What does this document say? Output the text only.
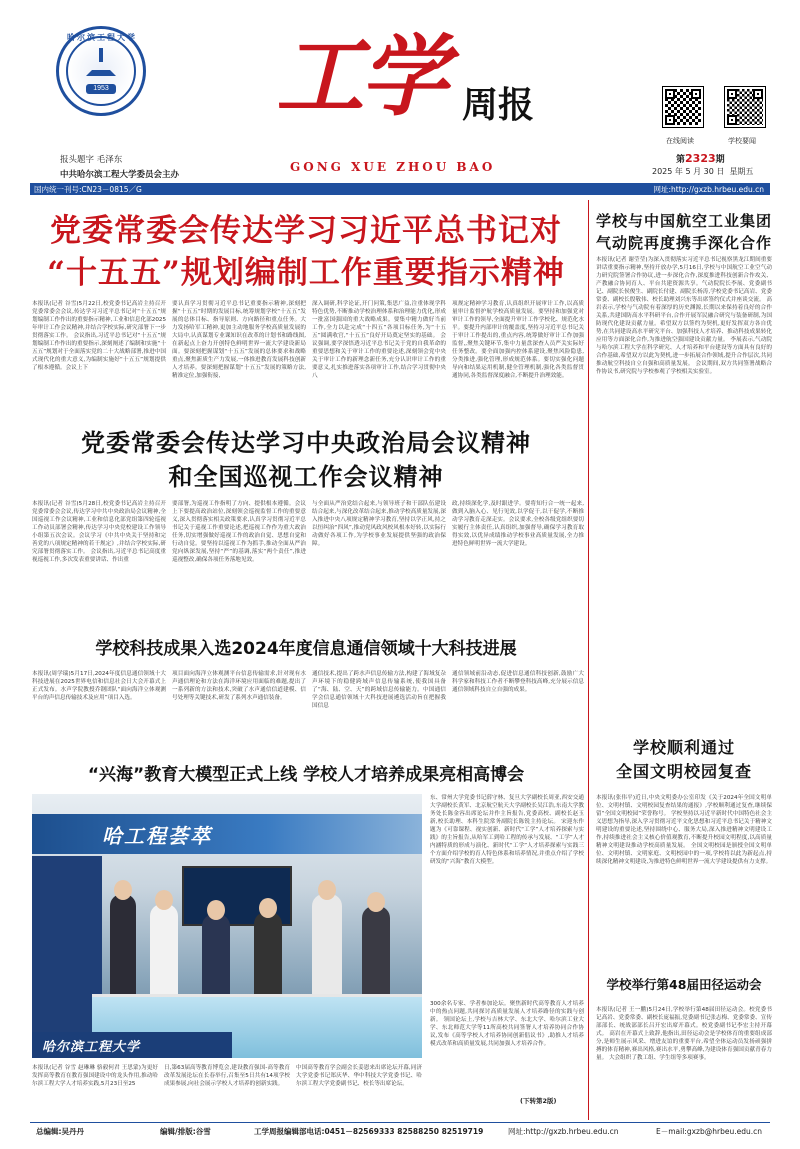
哈尔滨工程大学
1953
报头题字 毛泽东
中共哈尔滨工程大学委员会主办
工学 周报
GONG XUE ZHOU BAO
在线阅读	学校要闻
第2323期
2025 年 5 月 30 日 星期五
国内统一刊号:CN23－0815／G	网址:http://gxzb.hrbeu.edu.cn
学校与中国航空工业集团
气动院再度携手深化合作
本报讯(记者 谢莹莹)为深入贯彻落实习近平总书记视察黑龙江期间重要讲话重要指示精神,坚持开放办学,5月16日,学校与中国航空工业空气动力研究院签署合作协议,进一步深化合作,深度推进科技创新合作攻关、产教融合协同育人、平台共建资源共享。气动院院长李展、党委副书记、副院长侯俊生、副院长付建、副院长杨涛,学校党委书记高岩、党委常委、副校长殷敬伟、校长助理刘兴东等出席签约仪式并座谈交流。 高岩表示,学校与气动院有着深厚的历史渊源,长期以来保持着良好的合作关系,共建国防高水平科研平台,合作开展军民融合研究与装备研制,为国防现代化建设贡献力量。希望双方以签约为契机,更好发挥双方各自优势,在共同建设高水平研究平台、加强科技人才培养、推动科技成果转化应用等方面深化合作,为推进航空强国建设贡献力量。 李展表示,气动院与哈尔滨工程大学在科学研究、人才培养和平台建设等方面具有良好的合作基础,希望双方以此为契机,进一步拓展合作领域,提升合作层次,共同推动航空科技自立自强和高质量发展。 会议期间,双方共同签署战略合作协议书,研究院与学校参观了学校相关实验室。
学校顺利通过
全国文明校园复查
本报讯(张伟平)近日,中央文明委办公室印发《关于2024年全国文明单位、文明村镇、文明校园复查结果的通报》,学校顺利通过复查,继续保留“全国文明校园”荣誉称号。 学校坚持以习近平新时代中国特色社会主义思想为指导,深入学习贯彻习近平文化思想和习近平总书记关于精神文明建设的重要论述,坚持围绕中心、服务大局,深入推进精神文明建设工作,持续推进社会主义核心价值观教育,不断提升校园文明程度,以高质量精神文明建设推动学校高质量发展。 全国文明校园是颁授全国文明单位、文明村镇、文明家庭、文明校园中的一项,学校将以此为新起点,持续深化精神文明建设,为推进特色鲜明世界一流大学建设提供有力支撑。
学校举行第48届田径运动会
本报讯(记者 王一鹏)5月24日,学校举行第48届田径运动会。校党委书记高岩、党委常委、副校长庞福振,党委副书记张志梅、党委常委、宣传部部长、统战部部长吕开宏出席开幕式。校党委副书记李宏主持开幕式。 高岩在开幕式上致辞,他指出,田径运动会是学校体育的重要组成部分,是师生展示风采、增进友谊的重要平台,希望全体运动员发扬顽强拼搏的体育精神,赛出风格,赛出水平,勇攀高峰,为建设体育强国贡献青春力量。 大会组织了教工组、学生组等多项赛事。
党委常委会传达学习习近平总书记对
“十五五”规划编制工作重要指示精神
本报讯(记者 谷雪)5月22日,校党委书记高岩主持召开党委常委会会议,传达学习习近平总书记对“十五五”规划编制工作作出的重要指示精神,工业和信息化部2025年审计工作会议精神,并结合学校实际,研究部署下一步贯彻落实工作。 会议指出,习近平总书记对“十五五”规划编制工作作出的重要指示,深刻阐述了编制和实施“十五五”规划对于全面落实党的二十大战略部署,推进中国式现代化的重大意义,为编制实施好“十五五”规划提供了根本遵循。会议上下
要认真学习贯彻习近平总书记重要指示精神,深刻把握“十五五”时期的发展目标,统筹规划学校“十五五”发展的总体目标、指导原则、方向路径和重点任务。大力发扬哈军工精神,更加主动地服务学校高质量发展的大局中,认真谋划专业课知识在改革的计划书和路线图,在新起点上奋力开创特色鲜明世界一流大学建设新局面。要深刻把握谋划“十五五”发展的总体要求和战略重点,聚焦新质生产力发展,一体推进教育发展科技创新人才培养。要深刻把握谋划“十五五”发展的策略方法,精准定位,加强衔接,
深入调研,科学论证,开门问策,集思广益,注重体现学科特色优势,不断推动学校治理体系和治理能力优化,形成一批富国强国的重大战略成果。要集中精力做好当前工作,全力以赴完成“十四五”各项目标任务,为“十五五”圆满收官,“十五五”良好开局奠定坚实的基础。 会议强调,要学深悟透习近平总书记关于党的自我革命的重要思想和关于审计工作的重要论述,深刻领会党中央关于审计工作的新理念新任务,充分认识审计工作的重要意义,扎实推进落实各项审计工作,结合学习贯彻中央八
项规定精神学习教育,认真组织开展审计工作,以高质量审计监督护航学校高质量发展。要坚持和加强党对审计工作的领导,全面提升审计工作学校化、规范化水平。要提升内部审计的覆盖度,坚持习习近平总书记关于审计工作提出的,重点内容,统筹做好审计工作加强监督,,聚焦关键环节,集中力量盘深查人员严关实际好任务整改。要全面加强内控体系建设,聚焦风险隐患,分类推进,强化管理,形成规范体系。要切实强化问题导向和结果运用机制,健全管理机制,强化各类监督贯通协同,各类监督深度融合,不断提升治理效能。
党委常委会传达学习中央政治局会议精神
和全国巡视工作会议精神
本报讯(记者 谷雪)5月28日,校党委书记高岩主持召开党委常委会会议,传达学习中共中央政治局会议精神,全国巡视工作会议精神,工业和信息化部党组第四轮巡视工作动员部署会精神,传达学习中央党校建设工作领导小组第五次会议。会议学习《中共中央关于坚持和完善党的八项规定精神的若干规定》,并结合学校实际,研究部署贯彻落实工作。 会议指出,习近平总书记高度重视巡视工作,多次发表重要讲话、作出重
要部署,为巡视工作指明了方向、提供根本遵循。会议上下要提高政治站位,深刻领会巡视监督工作的重要意义,深入贯彻落实相关政策要求,认真学习贯彻习近平总书记关于巡视工作重要论述,把巡视工作作为重大政治任务,切实增强做好巡视工作的政治自觉、思想自觉和行动自觉。要坚持以巡视工作为抓手,推动全面从严治党向纵深发展,坚持“严”的基调,落实“两个责任”,推进巡视整改,确保各项任务落地见效。
与全面从严治党结合起来,与领导班子和干部队伍建设结合起来,与深化改革结合起来,推动学校高质量发展,深入推进中央八项规定精神学习教育,坚持以学正风,持之以恒纠治“四风”,推动党风政风校风根本好转,以实际行动做好各项工作,为学校事业发展提供坚强的政治保障。
政,持续深化学,及时跟进学。要将知行合一统一起来,做到入脑入心、见行见效,以学促干,以干促学,不断推动学习教育走深走实。会议要求,全校各级党组织要切实履行主体责任,认真组织,加强督导,确保学习教育取得实效,以优异成绩推动学校事业高质量发展,全力推进特色鲜明世界一流大学建设。
学校科技成果入选2024年度信息通信领域十大科技进展
本报讯(周学瑞)5月17日,2024年度信息通信领域十大科技进展在2025世界电信和信息社会日大会开幕式上正式发布。水声学院教授乔钢团队“面向海洋立体观测平台的声信息传输技术及应用”项目入选。
项目面向海洋立体观测平台信息传输需求,针对现有水声通信理论和方法在海洋环境应用面临的难题,提出了一系列新的方法和技术,突破了水声通信信道建模、信号处理等关键技术,研发了系列水声通信装备。
通信技术,提出了跨水声信息传输方法,构建了海域复杂声环境下的稳健跨域声信息传输系统,使我国具备了“海、陆、空、天”的跨域信息传输能力。中国通信学会信息通信领域十大科技进展遴选活动旨在把握我国信息
通信领域前沿动态,促进信息通信科技创新,鼓励广大科学家和科技工作者不断攀登科技高峰,充分展示信息通信领域科技自立自强的成果。
“兴海”教育大模型正式上线 学校人才培养成果亮相高博会
哈工程荟萃
哈尔滨工程大学
东、常州大学党委书记薛守林、复旦大学副校长周亚,西安交通大学副校长黄军、北京航空航天大学副校长吴江浩,东南大学教务处长陈金容出席论坛并作主旨报告,党委高校、副校长赵玉新,校长助理、本科生院常务副院长陈锐主持论坛。 宋迎东作题为《可靠课程、视实创新、新时代“工学”人才培养探索与实践》的主旨报告,从哈军工到哈工程的传承与发展、“工学”人才内涵特质的形成与演化、新时代“工学”人才培养探索与实践三个方面介绍学校的育人特色体系和培养情况,并重点介绍了学校研发的“兴海”教育大模型。
300余名专家、学者参加论坛。聚焦新时代高等教育人才培养中的热点问题,共同探讨高质量发展人才培养路径的实践与创新。 领国论坛上,学校与吉林大学、东北大学、哈尔滨工业大学、东北师范大学等11所高校共同签署人才培养协同合作协议,发布《高等学校人才培养协同创新倡议书》,助推人才培养模式改革和高质量发展,共同加强人才培养合作。
(下转第2版)
本报讯(记者 谷雪 赵琳琳 骆毅何君 王思蒙)为更好发挥高等教育在教育强国建设中的龙头作用,推动哈尔滨工程大学人才培养实践,5月23日至25
日,第63届高等教育博览会,建设教育强国-高等教育改革发展论坛在长春举行,召集至5日共有14项学校成果参展,向社会展示学校人才培养的创新实践。
中国高等教育学会副会长姜恩来出席论坛开幕,同济大学党委书记郑庆华、华中科技大学党委书记、哈尔滨工程大学党委副书记、校长等出席论坛。
总编辑:吴丹丹	编辑/排版:谷雪	工学周报编辑部电话:0451－82569333 82588250 82519719	网址:http://gxzb.hrbeu.edu.cn	E－mail:gxzb@hrbeu.edu.cn
